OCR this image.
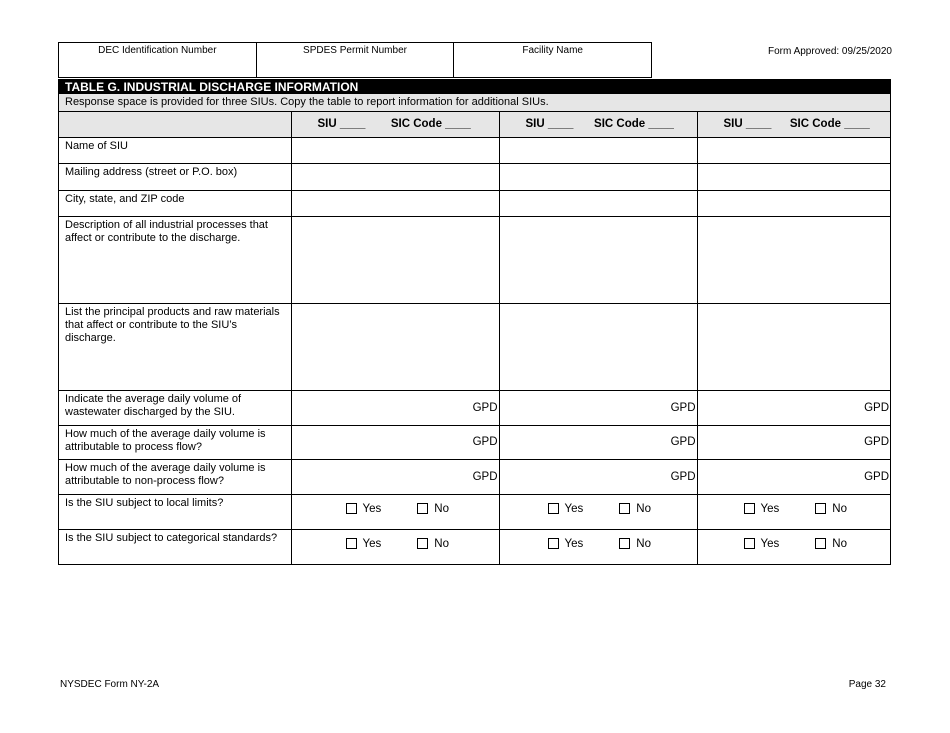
DEC Identification Number	SPDES Permit Number	Facility Name	Form Approved: 09/25/2020
TABLE G. INDUSTRIAL DISCHARGE INFORMATION
Response space is provided for three SIUs. Copy the table to report information for additional SIUs.

	SIU ____ SIC Code ____	SIU ____ SIC Code ____	SIU ____ SIC Code ____

Name of SIU			
Mailing address (street or P.O. box)			
City, state, and ZIP code			
Description of all industrial processes that affect or contribute to the discharge.			
List the principal products and raw materials that affect or contribute to the SIU’s discharge.			
Indicate the average daily volume of wastewater discharged by the SIU.	GPD	GPD	GPD
How much of the average daily volume is attributable to process flow?	GPD	GPD	GPD
How much of the average daily volume is attributable to non-process flow?	GPD	GPD	GPD
Is the SIU subject to local limits?	Yes No	Yes No	Yes No

Is the SIU subject to categorical standards?	Yes No	Yes No	Yes No
NYSDEC Form NY-2A	Page 32
